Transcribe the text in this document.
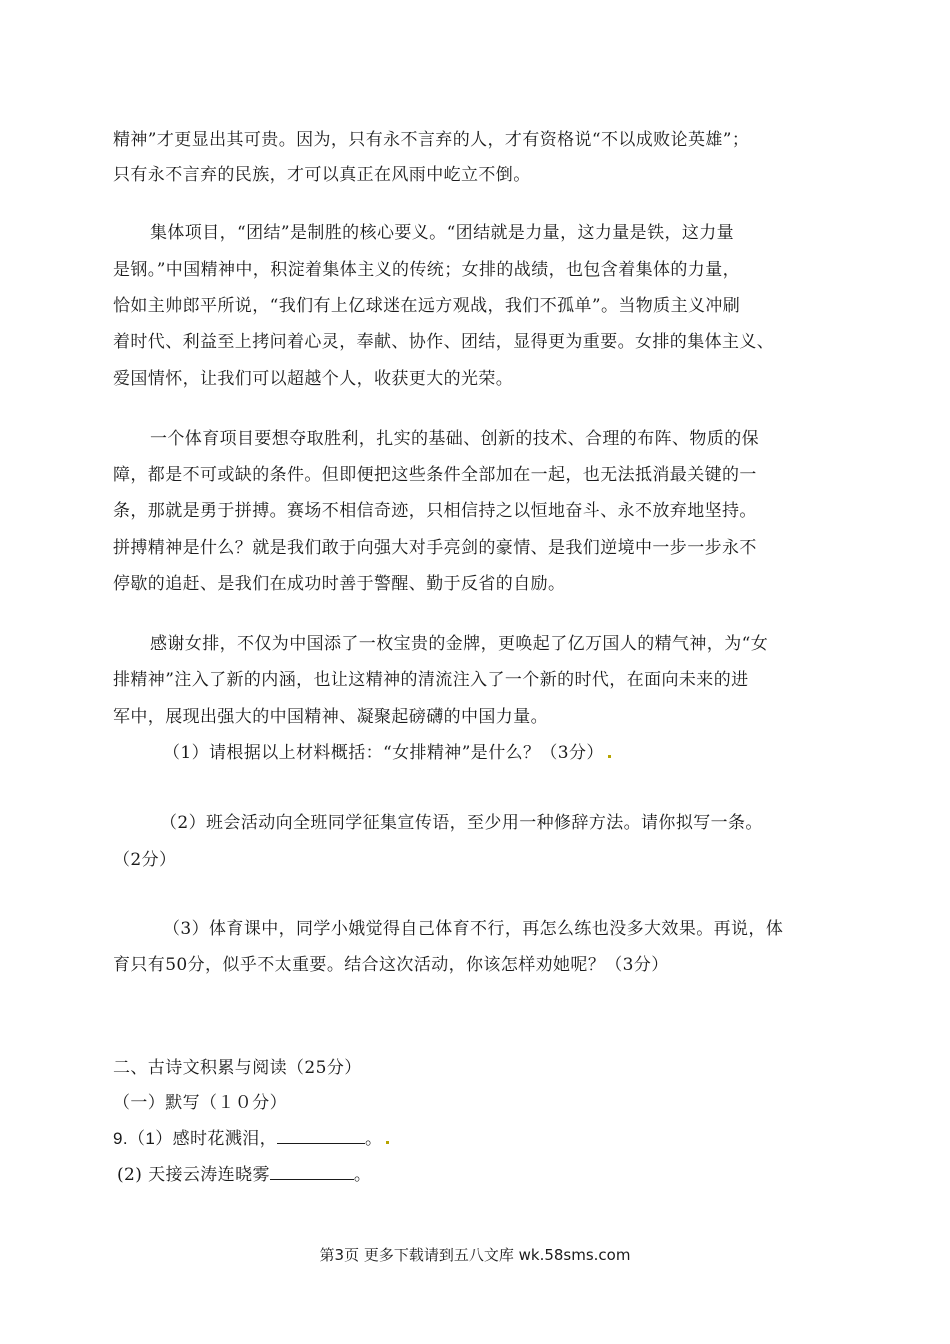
精神”才更显出其可贵。因为，只有永不言弃的人，才有资格说“不以成败论英雄”；
只有永不言弃的民族，才可以真正在风雨中屹立不倒。
集体项目，“团结”是制胜的核心要义。“团结就是力量，这力量是铁，这力量
是钢。”中国精神中，积淀着集体主义的传统；女排的战绩，也包含着集体的力量，
恰如主帅郎平所说，“我们有上亿球迷在远方观战，我们不孤单”。当物质主义冲刷
着时代、利益至上拷问着心灵，奉献、协作、团结，显得更为重要。女排的集体主义、
爱国情怀，让我们可以超越个人，收获更大的光荣。
一个体育项目要想夺取胜利，扎实的基础、创新的技术、合理的布阵、物质的保
障，都是不可或缺的条件。但即便把这些条件全部加在一起，也无法抵消最关键的一
条，那就是勇于拼搏。赛场不相信奇迹，只相信持之以恒地奋斗、永不放弃地坚持。
拼搏精神是什么？就是我们敢于向强大对手亮剑的豪情、是我们逆境中一步一步永不
停歇的追赶、是我们在成功时善于警醒、勤于反省的自励。
感谢女排，不仅为中国添了一枚宝贵的金牌，更唤起了亿万国人的精气神，为“女
排精神”注入了新的内涵，也让这精神的清流注入了一个新的时代，在面向未来的进
军中，展现出强大的中国精神、凝聚起磅礴的中国力量。
（1）请根据以上材料概括：“女排精神”是什么？（3分）
（2）班会活动向全班同学征集宣传语，至少用一种修辞方法。请你拟写一条。
（2分）
（3）体育课中，同学小娥觉得自己体育不行，再怎么练也没多大效果。再说，体
育只有50分，似乎不太重要。结合这次活动，你该怎样劝她呢？（3分）
二、古诗文积累与阅读（25分）
（一）默写（１０分）
9.（1）感时花溅泪，	。
(2) 天接云涛连晓雾	。
第3页 更多下载请到五八文库 wk.58sms.com
